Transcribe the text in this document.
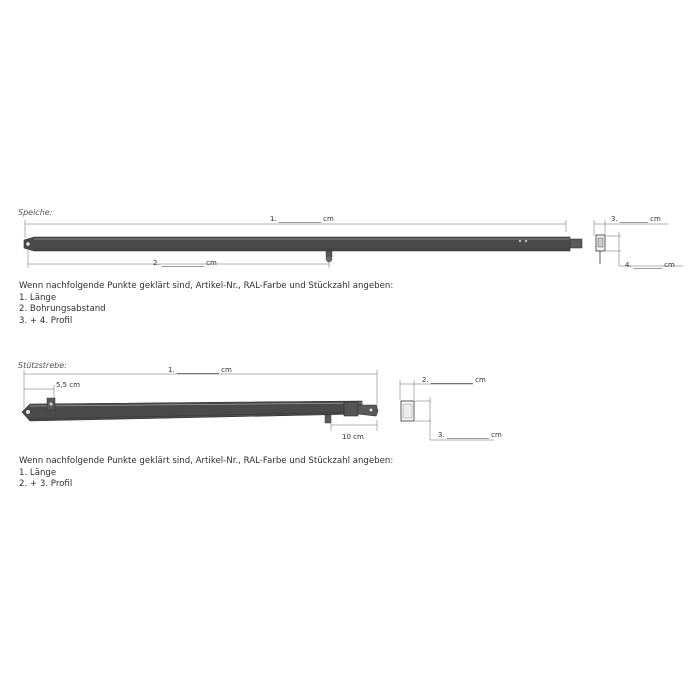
Speiche:
1. ____________ cm
2. ____________ cm
3. ________ cm
4. ________ cm
Stützstrebe:	1. ____________ cm
5,5 cm
10 cm
2. ____________ cm
3. ____________ cm
Wenn nachfolgende Punkte geklärt sind, Artikel-Nr., RAL-Farbe und Stückzahl angeben:
1. Länge
2. Bohrungsabstand
3. + 4. Profil
Wenn nachfolgende Punkte geklärt sind, Artikel-Nr., RAL-Farbe und Stückzahl angeben:
1. Länge
2. + 3. Profil
